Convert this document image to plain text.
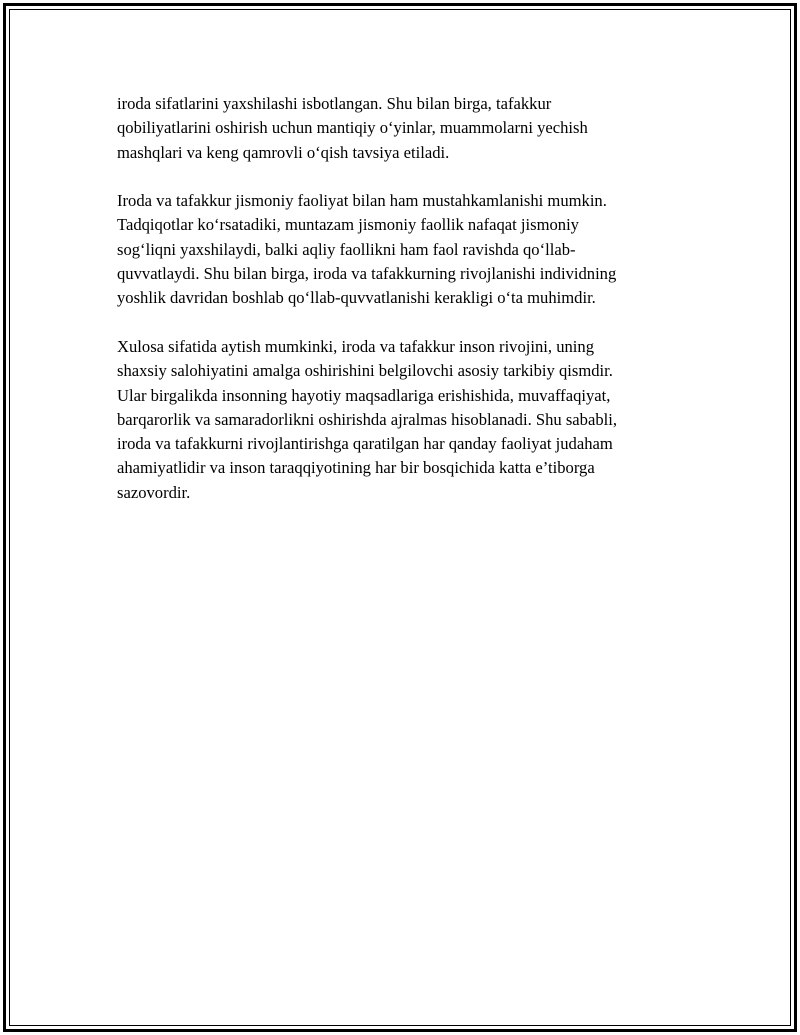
iroda sifatlarini yaxshilashi isbotlangan. Shu bilan birga, tafakkur
qobiliyatlarini oshirish uchun mantiqiy o‘yinlar, muammolarni yechish
mashqlari va keng qamrovli o‘qish tavsiya etiladi.

Iroda va tafakkur jismoniy faoliyat bilan ham mustahkamlanishi mumkin.
Tadqiqotlar ko‘rsatadiki, muntazam jismoniy faollik nafaqat jismoniy
sog‘liqni yaxshilaydi, balki aqliy faollikni ham faol ravishda qo‘llab-
quvvatlaydi. Shu bilan birga, iroda va tafakkurning rivojlanishi individning
yoshlik davridan boshlab qo‘llab-quvvatlanishi kerakligi o‘ta muhimdir.

Xulosa sifatida aytish mumkinki, iroda va tafakkur inson rivojini, uning
shaxsiy salohiyatini amalga oshirishini belgilovchi asosiy tarkibiy qismdir.
Ular birgalikda insonning hayotiy maqsadlariga erishishida, muvaffaqiyat,
barqarorlik va samaradorlikni oshirishda ajralmas hisoblanadi. Shu sababli,
iroda va tafakkurni rivojlantirishga qaratilgan har qanday faoliyat judaham
ahamiyatlidir va inson taraqqiyotining har bir bosqichida katta e’tiborga
sazovordir.
